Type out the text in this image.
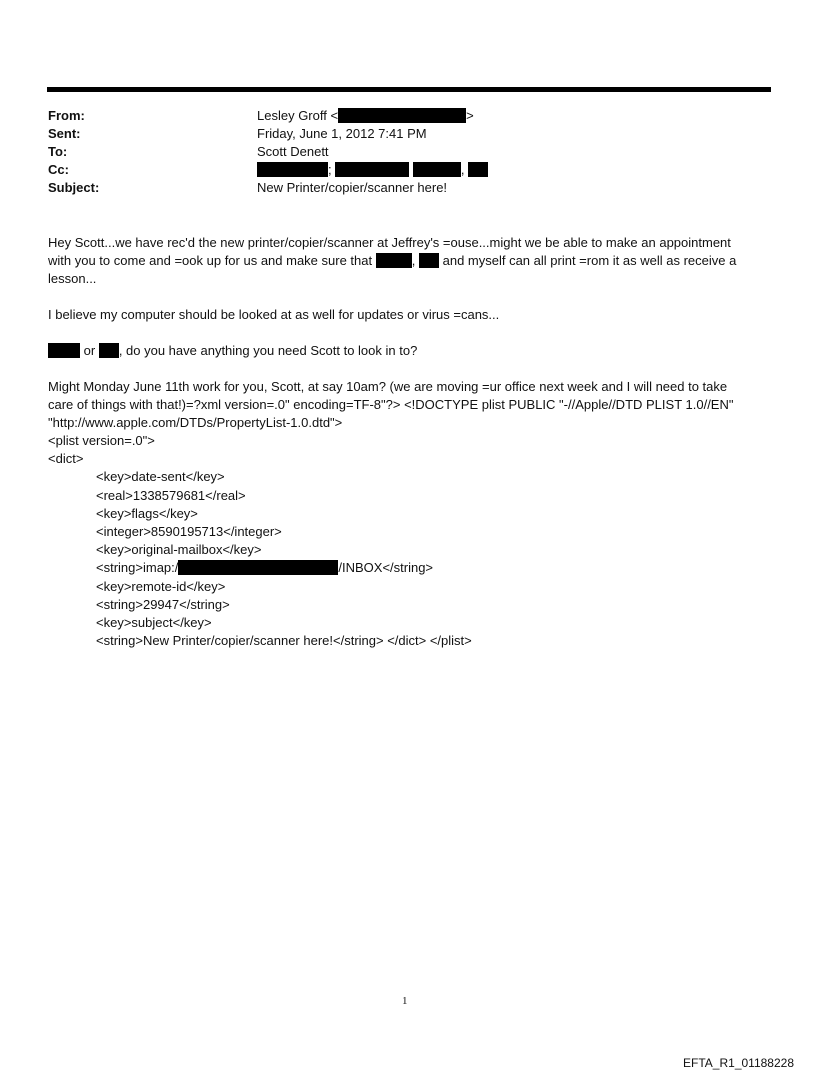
From:	Lesley Groff <	>
Sent:	Friday, June 1, 2012 7:41 PM
To:	Scott Denett
Cc:	;	,
Subject:	New Printer/copier/scanner here!

Hey Scott...we have rec'd the new printer/copier/scanner at Jeffrey's =ouse...might we be able to make an appointment

with you to come and =ook up for us and make sure that	, and myself can all print =rom it as well as receive a

lesson...

I believe my computer should be looked at as well for updates or virus =cans...
or , do you have anything you need Scott to look in to?

Might Monday June 11th work for you, Scott, at say 10am? (we are moving =ur office next week and I will need to take

care of things with that!)=?xml version=.0" encoding=TF-8"?> <!DOCTYPE plist PUBLIC "-//Apple//DTD PLIST 1.0//EN"

"http://www.apple.com/DTDs/PropertyList-1.0.dtd">

<plist version=.0">
<dict>
<key>date-sent</key>
<real>1338579681</real>
<key>flags</key>
<integer>8590195713</integer>
<key>original-mailbox</key>
<string>imap:/	/INBOX</string>
<key>remote-id</key>
<string>29947</string>
<key>subject</key>
<string>New Printer/copier/scanner here!</string> </dict> </plist>
1
EFTA_R1_01188228
